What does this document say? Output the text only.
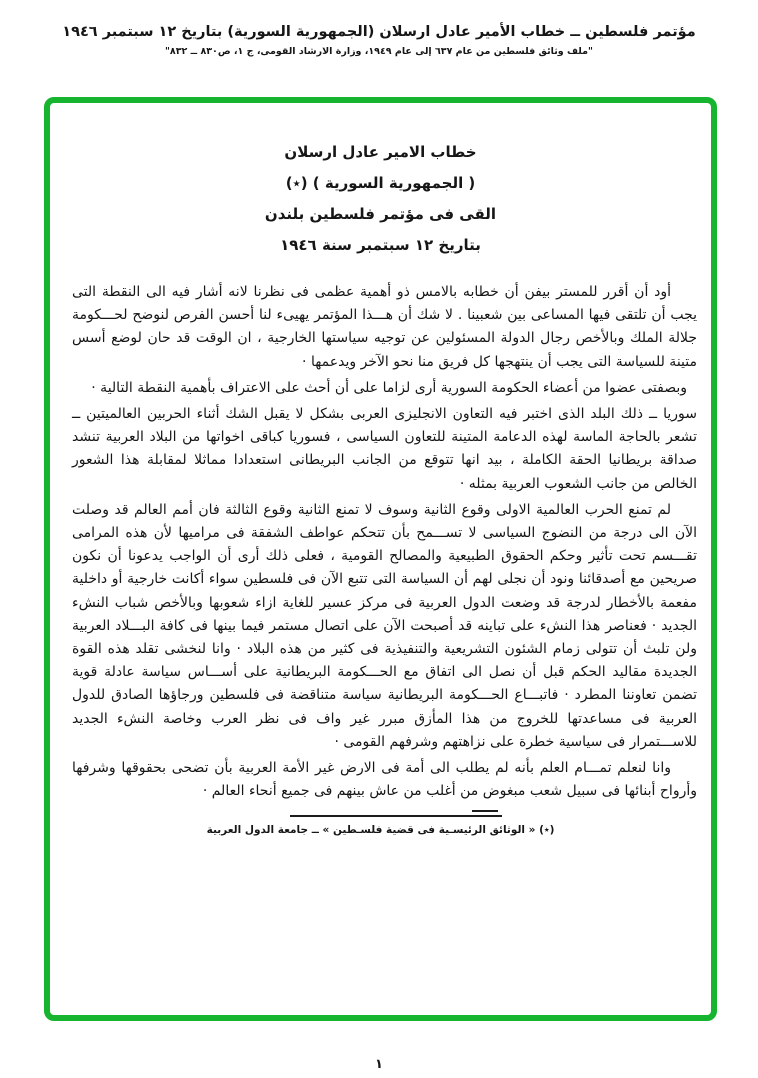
مؤتمر فلسطين ــ خطاب الأمير عادل ارسلان (الجمهورية السورية) بتاريخ ١٢ سبتمبر ١٩٤٦
"ملف وثائق فلسطين من عام ٦٣٧ إلى عام ١٩٤٩، وزارة الارشاد القومى، ج ١، ص٨٣٠ ــ ٨٣٢"
خطاب الامير عادل ارسلان
( الجمهورية السورية ) (٭)
القى فى مؤتمر فلسطين بلندن
بتاريخ ١٢ سبتمبر سنة ١٩٤٦

أود أن أقرر للمستر بيفن أن خطابه بالامس ذو أهمية عظمى فى نظرنا لانه أشار فيه الى النقطة التى يجب أن تلتقى فيها المساعى بين شعبينا . لا شك أن هـــذا المؤتمر يهيىء لنا أحسن الفرص لنوضح لحـــكومة جلالة الملك وبالأخص رجال الدولة المسئولين عن توجيه سياستها الخارجية ، ان الوقت قد حان لوضع أسس متينة للسياسة التى يجب أن ينتهجها كل فريق منا نحو الآخر ويدعمها ·

وبصفتى عضوا من أعضاء الحكومة السورية أرى لزاما على أن أحث على الاعتراف بأهمية النقطة التالية ·

سوريا ــ ذلك البلد الذى اختبر فيه التعاون الانجليزى العربى بشكل لا يقبل الشك أثناء الحربين العالميتين ــ تشعر بالحاجة الماسة لهذه الدعامة المتينة للتعاون السياسى ، فسوريا كباقى اخواتها من البلاد العربية تنشد صداقة بريطانيا الحقة الكاملة ، بيد انها تتوقع من الجانب البريطانى استعدادا مماثلا لمقابلة هذا الشعور الخالص من جانب الشعوب العربية بمثله ·

لم تمنع الحرب العالمية الاولى وقوع الثانية وسوف لا تمنع الثانية وقوع الثالثة فان أمم العالم قد وصلت الآن الى درجة من النضوج السياسى لا تســـمح بأن تتحكم عواطف الشفقة فى مراميها لأن هذه المرامى تقـــسم تحت تأثير وحكم الحقوق الطبيعية والمصالح القومية ، فعلى ذلك أرى أن الواجب يدعونا أن نكون صريحين مع أصدقائنا ونود أن نجلى لهم أن السياسة التى تتبع الآن فى فلسطين سواء أكانت خارجية أو داخلية مفعمة بالأخطار لدرجة قد وضعت الدول العربية فى مركز عسير للغاية ازاء شعوبها وبالأخص شباب النشء الجديد · فعناصر هذا النشء على تباينه قد أصبحت الآن على اتصال مستمر فيما بينها فى كافة البـــلاد العربية ولن تلبث أن تتولى زمام الشئون التشريعية والتنفيذية فى كثير من هذه البلاد · وانا لنخشى تقلد هذه القوة الجديدة مقاليد الحكم قبل أن نصل الى اتفاق مع الحـــكومة البريطانية على أســـاس سياسة عادلة قوية تضمن تعاوننا المطرد · فاتبـــاع الحـــكومة البريطانية سياسة متناقضة فى فلسطين ورجاؤها الصادق للدول العربية فى مساعدتها للخروج من هذا المأزق مبرر غير واف فى نظر العرب وخاصة النشء الجديد للاســـتمرار فى سياسية خطرة على نزاهتهم وشرفهم القومى ·

وانا لنعلم تمـــام العلم بأنه لم يطلب الى أمة فى الارض غير الأمة العربية بأن تضحى بحقوقها وشرفها وأرواح أبنائها فى سبيل شعب مبغوض من أغلب من عاش بينهم فى جميع أنحاء العالم ·

(٭) « الوثائق الرئيسـية فى قضية فلسـطين » ــ جامعة الدول العربية
١
